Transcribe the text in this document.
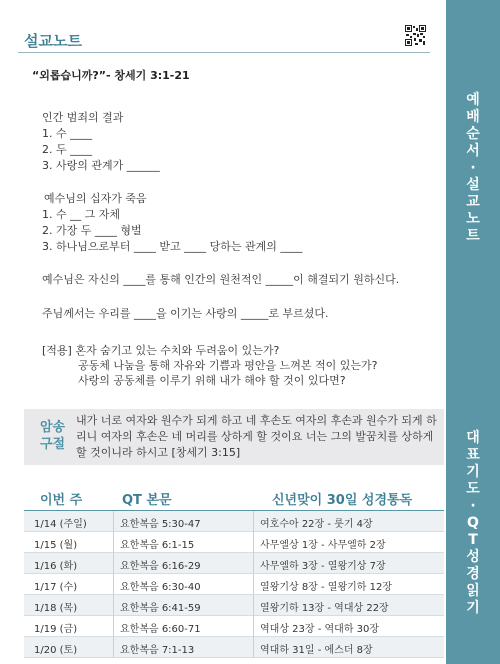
예
배
순
서
·
설
교
노
트
대
표
기
도
·
Q
T
성
경
읽
기
설교노트
“외롭습니까?”- 창세기 3:1-21
인간 범죄의 결과
1. 수 ____
2. 두 ____
3. 사랑의 관계가 ______
예수님의 십자가 죽음
1. 수 __ 그 자체
2. 가장 두 ____ 형벌
3. 하나님으로부터 ____ 받고 ____ 당하는 관계의 ____
예수님은 자신의 ____를 통해 인간의 원천적인 _____이 해결되기 원하신다.
주님께서는 우리를 ____을 이기는 사랑의 _____로 부르셨다.
[적용] 혼자 숨기고 있는 수치와 두려움이 있는가?
공동체 나눔을 통해 자유와 기쁨과 평안을 느껴본 적이 있는가?
사랑의 공동체를 이루기 위해 내가 해야 할 것이 있다면?
암송
구절
내가 너로 여자와 원수가 되게 하고 네 후손도 여자의 후손과 원수가 되게 하리니 여자의 후손은 네 머리를 상하게 할 것이요 너는 그의 발꿈치를 상하게 할 것이니라 하시고 [창세기 3:15]
이번 주	QT 본문	신년맞이 30일 성경통독
1/14 (주일)	요한복음 5:30-47	여호수아 22장 - 룻기 4장
1/15 (월)	요한복음 6:1-15	사무엘상 1장 - 사무엘하 2장
1/16 (화)	요한복음 6:16-29	사무엘하 3장 - 열왕기상 7장
1/17 (수)	요한복음 6:30-40	열왕기상 8장 - 열왕기하 12장
1/18 (목)	요한복음 6:41-59	열왕기하 13장 - 역대상 22장
1/19 (금)	요한복음 6:60-71	역대상 23장 - 역대하 30장
1/20 (토)	요한복음 7:1-13	역대하 31일 - 에스더 8장
